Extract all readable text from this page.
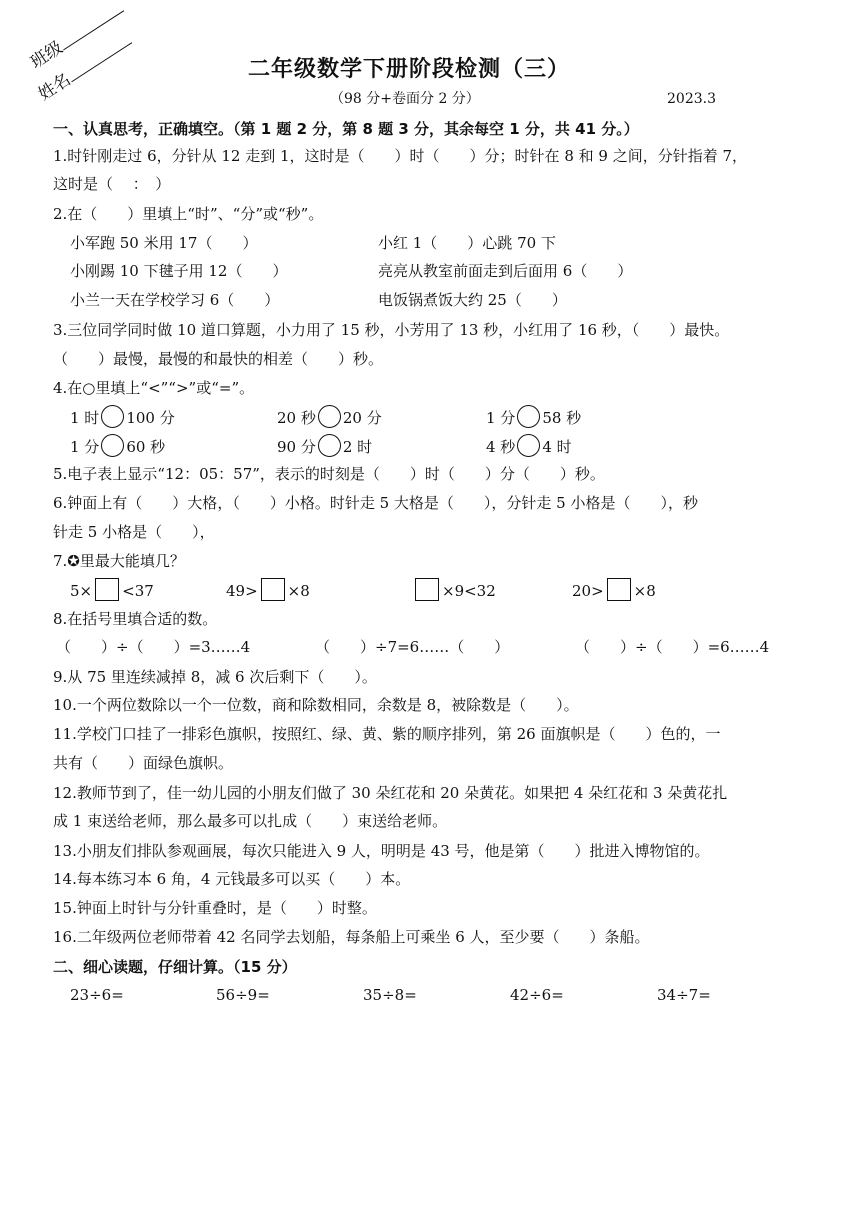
班级
姓名
二年级数学下册阶段检测（三）
（98 分+卷面分 2 分）	2023.3
一、认真思考，正确填空。（第 1 题 2 分，第 8 题 3 分，其余每空 1 分，共 41 分。）
1.时针刚走过 6，分针从 12 走到 1，这时是（　　）时（　　）分；时针在 8 和 9 之间，分针指着 7，
这时是（　 ：　）
2.在（　　）里填上“时”、“分”或“秒”。
小军跑 50 米用 17（　　）	小红 1（　　）心跳 70 下
小刚踢 10 下毽子用 12（　　）	亮亮从教室前面走到后面用 6（　　）
小兰一天在学校学习 6（　　）	电饭锅煮饭大约 25（　　）
3.三位同学同时做 10 道口算题，小力用了 15 秒，小芳用了 13 秒，小红用了 16 秒，（　　）最快。
（　　）最慢，最慢的和最快的相差（　　）秒。
4.在○里填上“<”“>”或“=”。
1 时 100 分	20 秒 20 分	1 分 58 秒
1 分 60 秒	90 分 2 时	4 秒 4 时
5.电子表上显示“12：05：57”，表示的时刻是（　　）时（　　）分（　　）秒。
6.钟面上有（　　）大格，（　　）小格。时针走 5 大格是（　　），分针走 5 小格是（　　），秒
针走 5 小格是（　　），
7.✪里最大能填几？
5× <37	49> ×8	×9<32	20> ×8
8.在括号里填合适的数。
（　　）÷（　　）=3……4	（　　）÷7=6……（　　）	（　　）÷（　　）=6……4
9.从 75 里连续减掉 8，减 6 次后剩下（　　）。
10.一个两位数除以一个一位数，商和除数相同，余数是 8，被除数是（　　）。
11.学校门口挂了一排彩色旗帜，按照红、绿、黄、紫的顺序排列，第 26 面旗帜是（　　）色的，一
共有（　　）面绿色旗帜。
12.教师节到了，佳一幼儿园的小朋友们做了 30 朵红花和 20 朵黄花。如果把 4 朵红花和 3 朵黄花扎
成 1 束送给老师，那么最多可以扎成（　　）束送给老师。
13.小朋友们排队参观画展，每次只能进入 9 人，明明是 43 号，他是第（　　）批进入博物馆的。
14.每本练习本 6 角，4 元钱最多可以买（　　）本。
15.钟面上时针与分针重叠时，是（　　）时整。
16.二年级两位老师带着 42 名同学去划船，每条船上可乘坐 6 人，至少要（　　）条船。
二、细心读题，仔细计算。（15 分）
23÷6=	56÷9=	35÷8=	42÷6=	34÷7=
